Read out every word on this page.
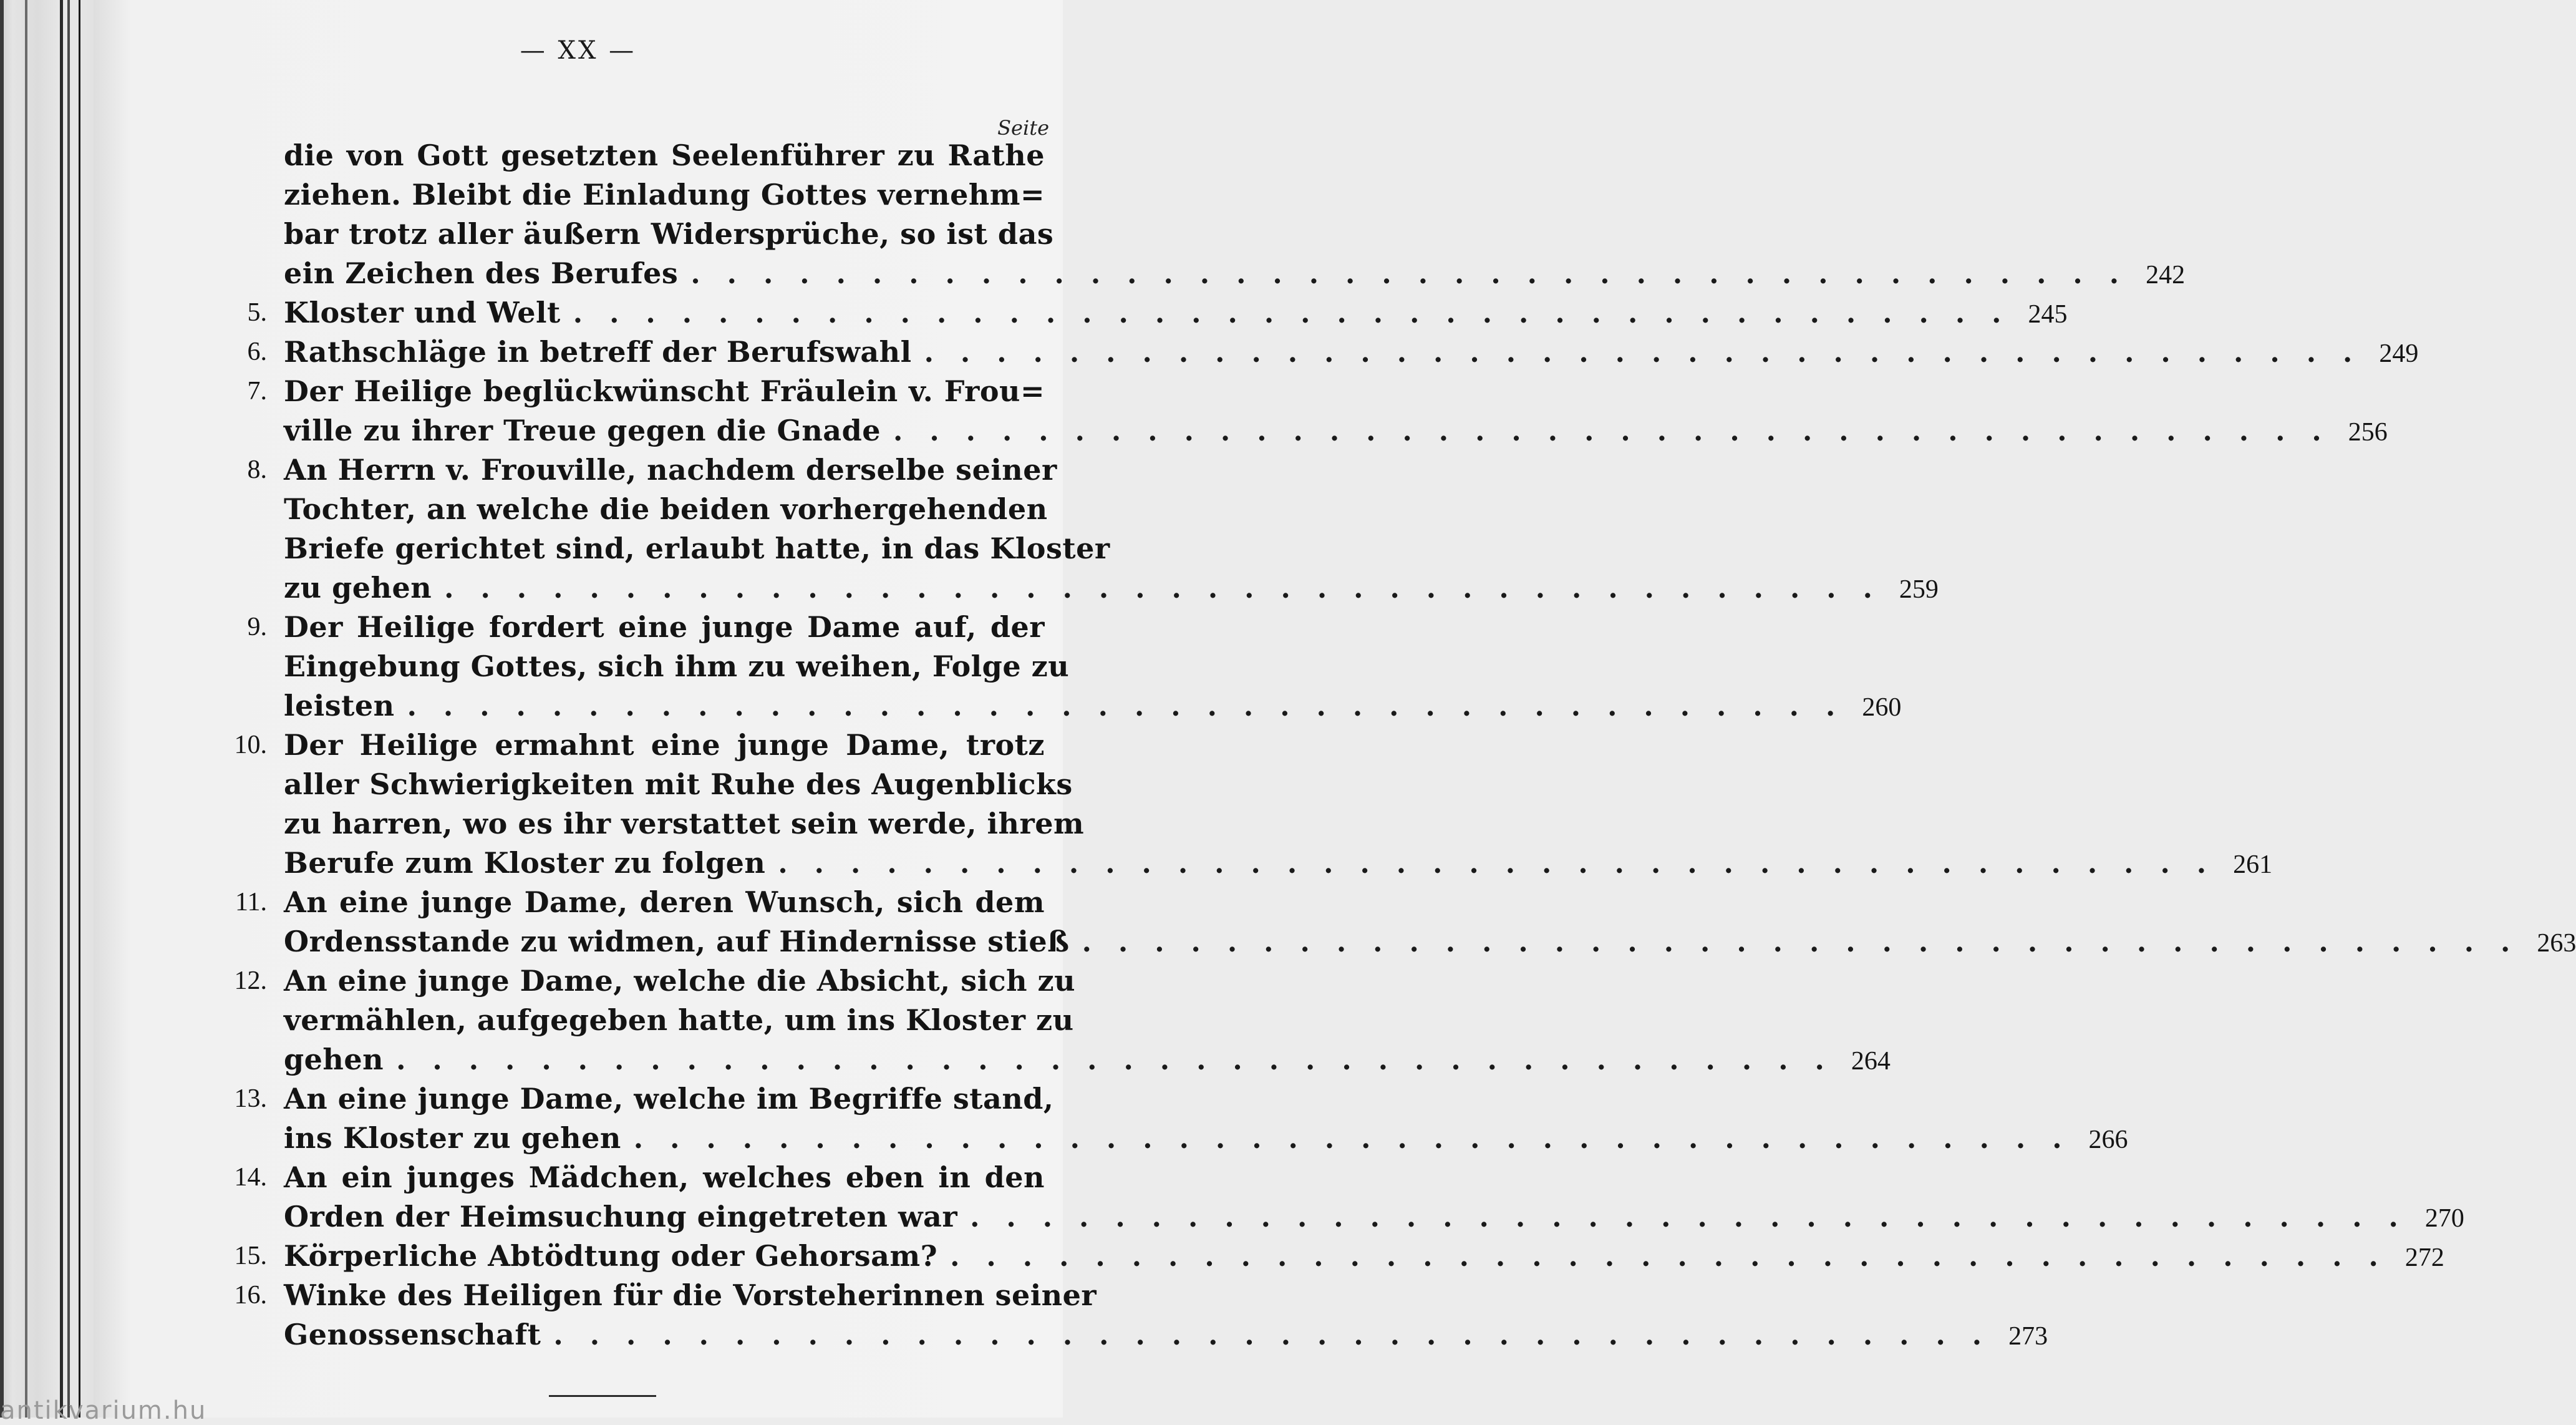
— XX —
Seite
die von Gott gesetzten Seelenführer zu Rathe
ziehen. Bleibt die Einladung Gottes vernehm=
bar trotz aller äußern Widersprüche, so ist das
ein Zeichen des Berufes ........................................ 242
5. Kloster und Welt ........................................ 245
6. Rathschläge in betreff der Berufswahl ........................................ 249
7. Der Heilige beglückwünscht Fräulein v. Frou=
ville zu ihrer Treue gegen die Gnade ........................................ 256
8. An Herrn v. Frouville, nachdem derselbe seiner
Tochter, an welche die beiden vorhergehenden
Briefe gerichtet sind, erlaubt hatte, in das Kloster
zu gehen ........................................ 259
9. Der Heilige fordert eine junge Dame auf, der
Eingebung Gottes, sich ihm zu weihen, Folge zu
leisten ........................................ 260
10. Der Heilige ermahnt eine junge Dame, trotz
aller Schwierigkeiten mit Ruhe des Augenblicks
zu harren, wo es ihr verstattet sein werde, ihrem
Berufe zum Kloster zu folgen ........................................ 261
11. An eine junge Dame, deren Wunsch, sich dem
Ordensstande zu widmen, auf Hindernisse stieß ........................................ 263
12. An eine junge Dame, welche die Absicht, sich zu
vermählen, aufgegeben hatte, um ins Kloster zu
gehen ........................................ 264
13. An eine junge Dame, welche im Begriffe stand,
ins Kloster zu gehen ........................................ 266
14. An ein junges Mädchen, welches eben in den
Orden der Heimsuchung eingetreten war ........................................ 270
15. Körperliche Abtödtung oder Gehorsam? ........................................ 272
16. Winke des Heiligen für die Vorsteherinnen seiner
Genossenschaft ........................................ 273
antikvarium.hu
